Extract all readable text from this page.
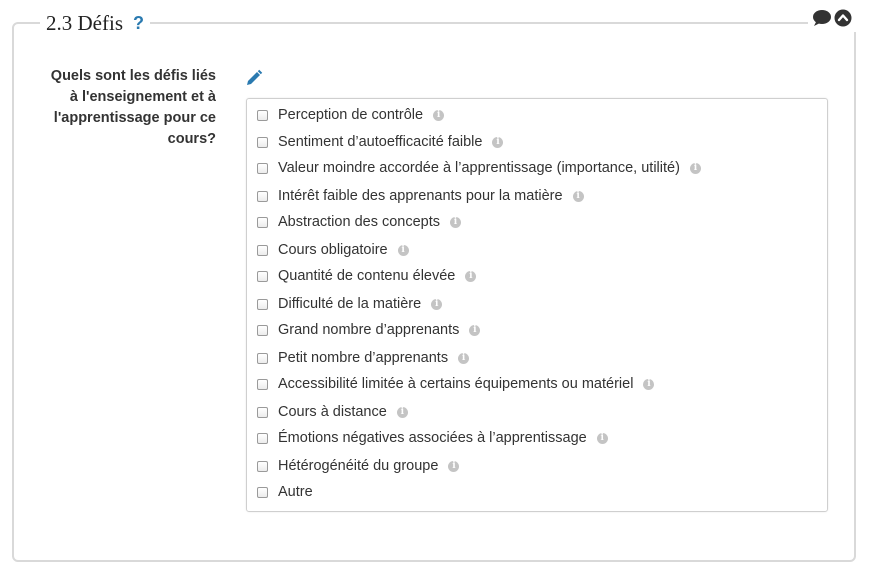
2.3 Défis ?
Quels sont les défis liés à l'enseignement et à l'apprentissage pour ce cours?
Perception de contrôle	i
Sentiment d’autoefficacité faible	i
Valeur moindre accordée à l’apprentissage (importance, utilité)	i
Intérêt faible des apprenants pour la matière	i
Abstraction des concepts	i
Cours obligatoire	i
Quantité de contenu élevée	i
Difficulté de la matière	i
Grand nombre d’apprenants	i
Petit nombre d’apprenants	i
Accessibilité limitée à certains équipements ou matériel	i
Cours à distance	i
Émotions négatives associées à l’apprentissage	i
Hétérogénéité du groupe	i
Autre
